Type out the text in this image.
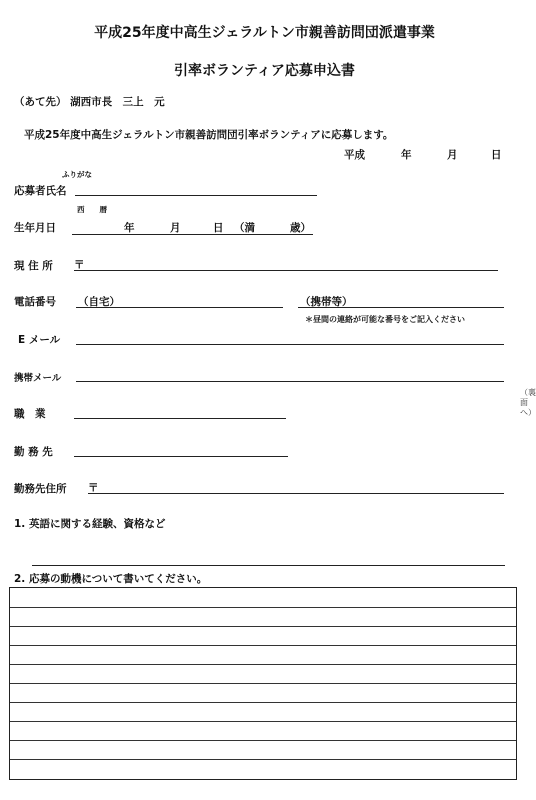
平成25年度中高生ジェラルトン市親善訪問団派遣事業
引率ボランティア応募申込書
（あて先） 湖西市長　三上　元
平成25年度中高生ジェラルトン市親善訪問団引率ボランティアに応募します。
平成	年	月	日
ふりがな
応募者氏名
西　　暦
生年月日	年	月	日 （満	歳）
現 住 所 〒
電話番号 （自宅）	（携帯等）
＊昼間の連絡が可能な番号をご記入ください
E メール
携帯メール
職　業
勤 務 先
勤務先住所 〒
1. 英語に関する経験、資格など
2. 応募の動機について書いてください。
（裏面へ）
